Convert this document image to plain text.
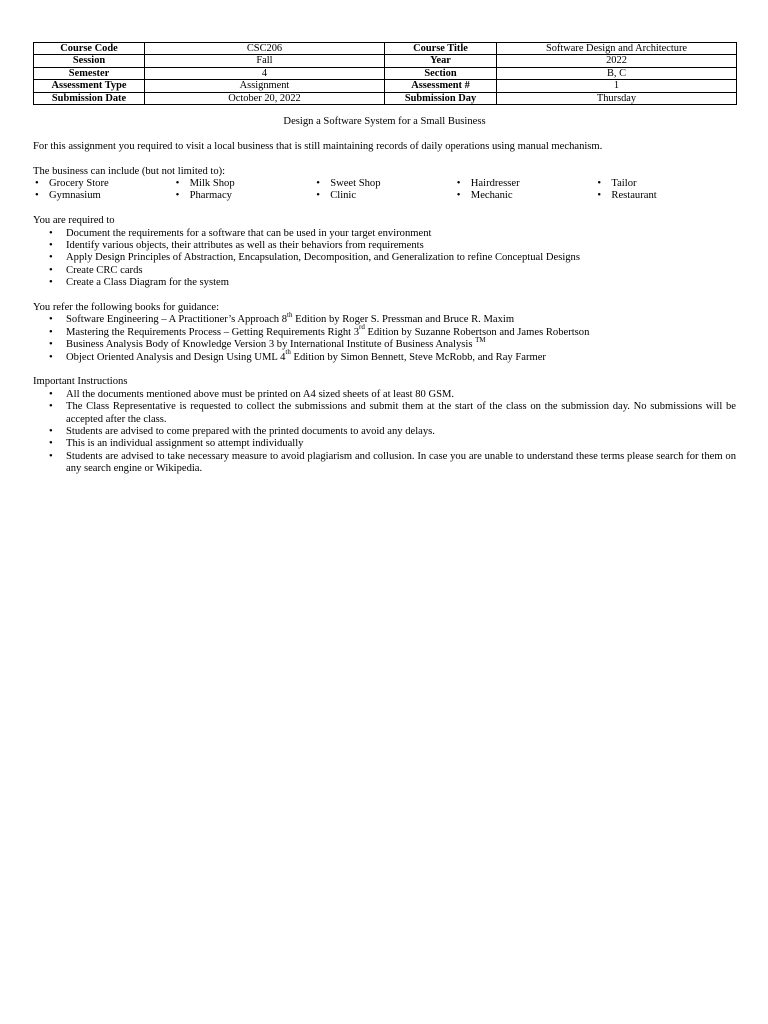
Course Code	CSC206	Course Title	Software Design and Architecture
Session	Fall	Year	2022
Semester	4	Section	B, C
Assessment Type	Assignment	Assessment #	1
Submission Date	October 20, 2022	Submission Day	Thursday

Design a Software System for a Small Business

For this assignment you required to visit a local business that is still maintaining records of daily operations using manual mechanism.

The business can include (but not limited to):

• Grocery Store	• Milk Shop	• Sweet Shop	• Hairdresser	• Tailor
• Gymnasium	• Pharmacy	• Clinic	• Mechanic	• Restaurant

You are required to

• Document the requirements for a software that can be used in your target environment
• Identify various objects, their attributes as well as their behaviors from requirements
• Apply Design Principles of Abstraction, Encapsulation, Decomposition, and Generalization to refine Conceptual Designs
• Create CRC cards
• Create a Class Diagram for the system

You refer the following books for guidance:

• Software Engineering – A Practitioner’s Approach 8th Edition by Roger S. Pressman and Bruce R. Maxim
• Mastering the Requirements Process – Getting Requirements Right 3rd Edition by Suzanne Robertson and James Robertson
• Business Analysis Body of Knowledge Version 3 by International Institute of Business Analysis ™
• Object Oriented Analysis and Design Using UML 4th Edition by Simon Bennett, Steve McRobb, and Ray Farmer

Important Instructions

• All the documents mentioned above must be printed on A4 sized sheets of at least 80 GSM.
• The Class Representative is requested to collect the submissions and submit them at the start of the class on the submission day. No submissions will be accepted after the class.
• Students are advised to come prepared with the printed documents to avoid any delays.
• This is an individual assignment so attempt individually
• Students are advised to take necessary measure to avoid plagiarism and collusion. In case you are unable to understand these terms please search for them on any search engine or Wikipedia.
